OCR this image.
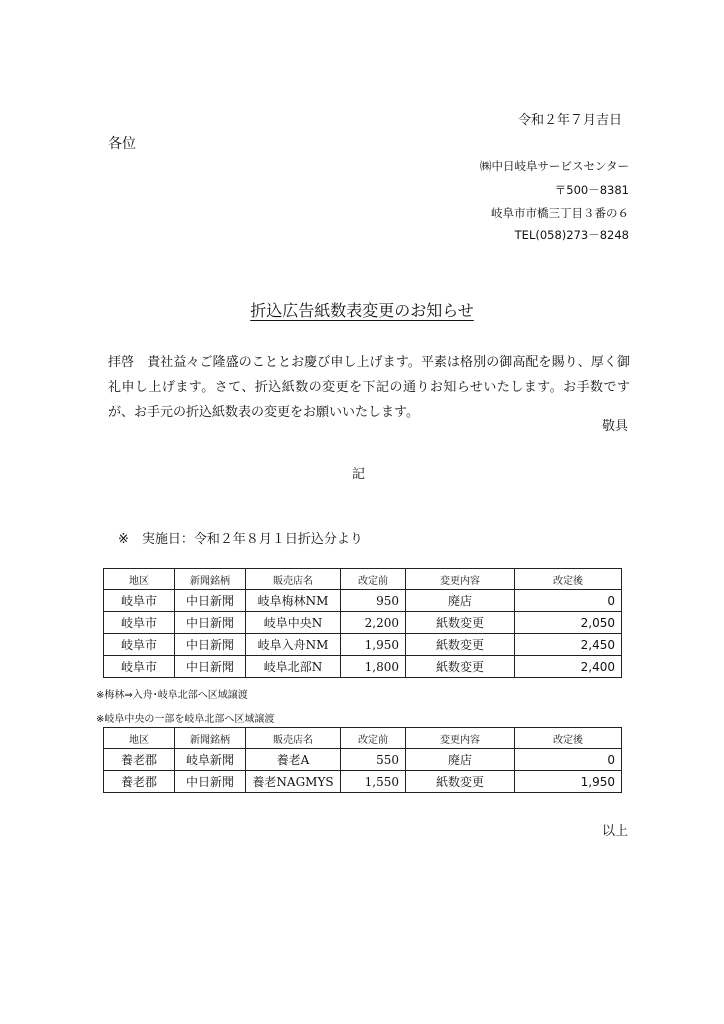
令和２年７月吉日
各位
㈱中日岐阜サービスセンター
〒500－8381
岐阜市市橋三丁目３番の６
TEL(058)273－8248
折込広告紙数表変更のお知らせ
拝啓　貴社益々ご隆盛のこととお慶び申し上げます。平素は格別の御高配を賜り、厚く御礼申し上げます。さて、折込紙数の変更を下記の通りお知らせいたします。お手数ですが、お手元の折込紙数表の変更をお願いいたします。
敬具
記
※　実施日：令和２年８月１日折込分より
地区	新聞銘柄	販売店名	改定前	変更内容	改定後
岐阜市	中日新聞	岐阜梅林NM	950	廃店	0
岐阜市	中日新聞	岐阜中央N	2,200	紙数変更	2,050
岐阜市	中日新聞	岐阜入舟NM	1,950	紙数変更	2,450
岐阜市	中日新聞	岐阜北部N	1,800	紙数変更	2,400
※梅林⇒入舟･岐阜北部へ区域譲渡
※岐阜中央の一部を岐阜北部へ区域譲渡
地区	新聞銘柄	販売店名	改定前	変更内容	改定後
養老郡	岐阜新聞	養老A	550	廃店	0
養老郡	中日新聞	養老NAGMYS	1,550	紙数変更	1,950
以上
